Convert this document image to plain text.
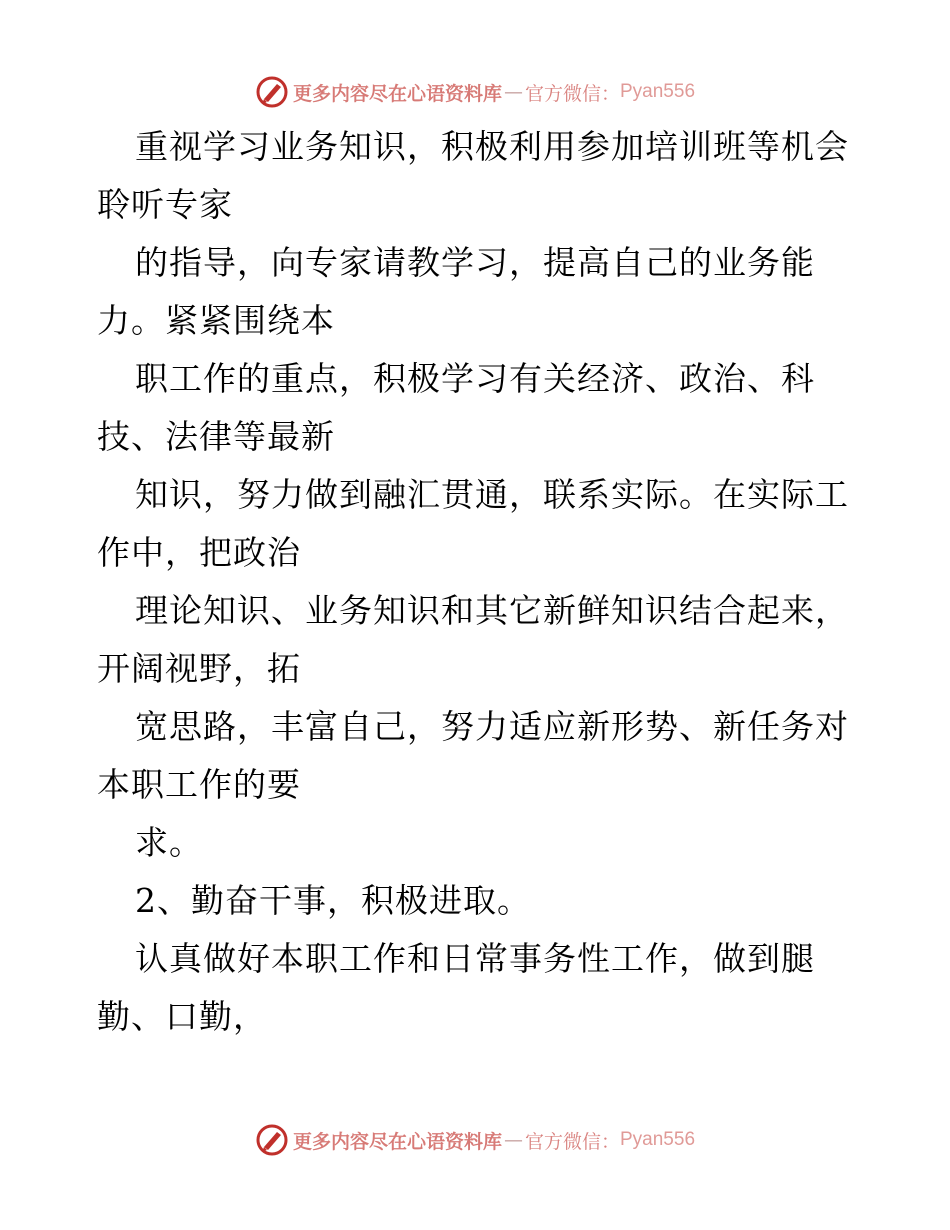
更多内容尽在心语资料库 — 官方微信： Pyan556
重视学习业务知识，积极利用参加培训班等机会
聆听专家
的指导，向专家请教学习，提高自己的业务能
力。紧紧围绕本
职工作的重点，积极学习有关经济、政治、科
技、法律等最新
知识，努力做到融汇贯通，联系实际。在实际工
作中，把政治
理论知识、业务知识和其它新鲜知识结合起来，
开阔视野，拓
宽思路，丰富自己，努力适应新形势、新任务对
本职工作的要
求。
2、勤奋干事，积极进取。
认真做好本职工作和日常事务性工作，做到腿
勤、口勤，
更多内容尽在心语资料库 — 官方微信： Pyan556
